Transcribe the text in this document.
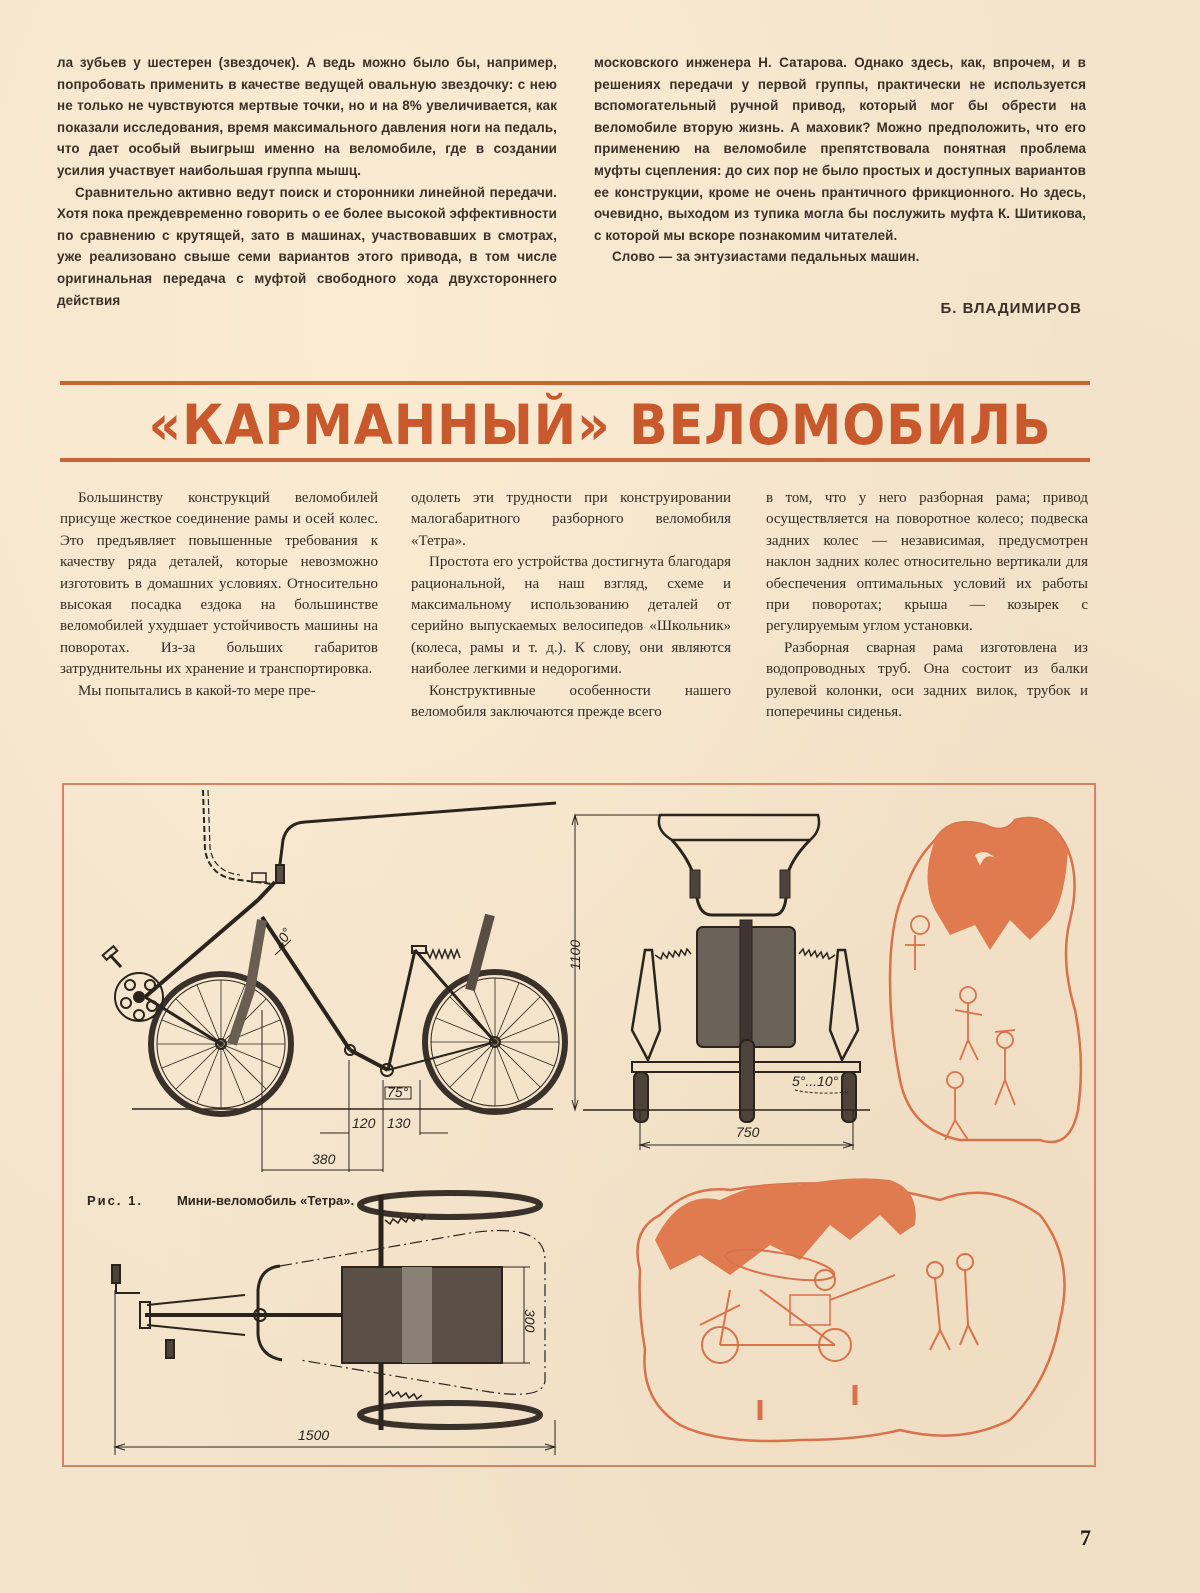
ла зубьев у шестерен (звездочек). А ведь можно было бы, например, попробовать применить в качестве ведущей овальную звездочку: с нею не только не чувствуются мертвые точки, но и на 8% увеличивается, как показали исследования, время максимального давления ноги на педаль, что дает особый выигрыш именно на веломобиле, где в создании усилия участвует наибольшая группа мышц.

Сравнительно активно ведут поиск и сторонники линейной передачи. Хотя пока преждевременно говорить о ее более высокой эффективности по сравнению с крутящей, зато в машинах, участвовавших в смотрах, уже реализовано свыше семи вариантов этого привода, в том числе оригинальная передача с муфтой свободного хода двухстороннего действия

московского инженера Н. Сатарова. Однако здесь, как, впрочем, и в решениях передачи у первой группы, практически не используется вспомогательный ручной привод, который мог бы обрести на веломобиле вторую жизнь. А маховик? Можно предположить, что его применению на веломобиле препятствовала понятная проблема муфты сцепления: до сих пор не было простых и доступных вариантов ее конструкции, кроме не очень прантичного фрикционного. Но здесь, очевидно, выходом из тупика могла бы послужить муфта К. Шитикова, с которой мы вскоре познакомим читателей.

Слово — за энтузиастами педальных машин.

Б. ВЛАДИМИРОВ
«КАРМАННЫЙ» ВЕЛОМОБИЛЬ

Большинству конструкций веломобилей присуще жесткое соединение рамы и осей колес. Это предъявляет повышенные требования к качеству ряда деталей, которые невозможно изготовить в домашних условиях. Относительно высокая посадка ездока на большинстве веломобилей ухудшает устойчивость машины на поворотах. Из-за больших габаритов затруднительны их хранение и транспортировка.

Мы попытались в какой-то мере пре-

одолеть эти трудности при конструировании малогабаритного разборного веломобиля «Тетра».

Простота его устройства достигнута благодаря рациональной, на наш взгляд, схеме и максимальному использованию деталей от серийно выпускаемых велосипедов «Школьник» (колеса, рамы и т. д.). К слову, они являются наиболее легкими и недорогими.

Конструктивные особенности нашего веломобиля заключаются прежде всего

в том, что у него разборная рама; привод осуществляется на поворотное колесо; подвеска задних колес — независимая, предусмотрен наклон задних колес относительно вертикали для обеспечения оптимальных условий их работы при поворотах; крыша — козырек с регулируемым углом установки.

Разборная сварная рама изготовлена из водопроводных труб. Она состоит из балки рулевой колонки, оси задних вилок, трубок и поперечины сиденья.

40°
75°
120 130
380
1100
750
5°...10°
300
1500
Рис. 1.	Мини-веломобиль «Тетра».
7
